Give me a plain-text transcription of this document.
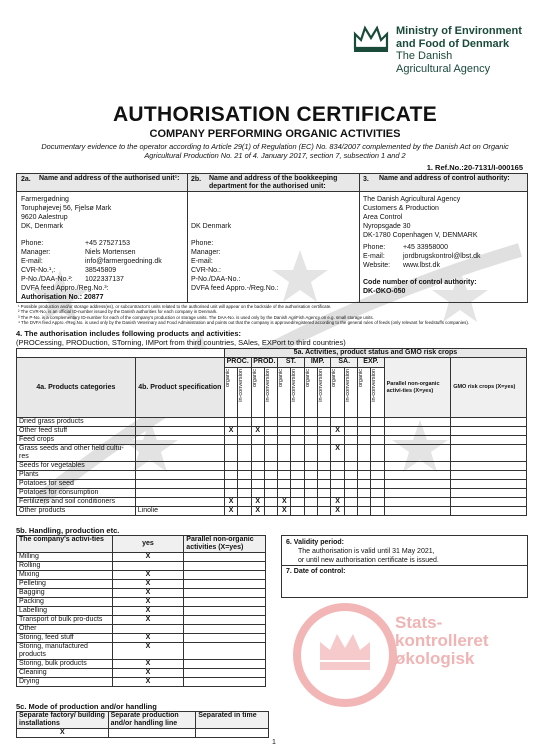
Ministry of Environment
and Food of Denmark
The Danish
Agricultural Agency
AUTHORISATION CERTIFICATE
COMPANY PERFORMING ORGANIC ACTIVITIES
Documentary evidence to the operator according to Article 29(1) of Regulation (EC) No. 834/2007 complemented by the Danish Act on Organic
Agricultural Production No. 21 of 4. January 2017, section 7, subsection 1 and 2
1. Ref.No.:20-7131/I-000165
2a. Name and address of the authorised unit¹:
Farmergødning
Toruphøjevej 56, Fjelsø Mark
9620 Aalestrup
DK, Denmark
Phone:	+45 27527153
Manager:	Niels Mortensen
E-mail:	info@farmergoedning.dk
CVR-No.¹,:	38545809
P-No./DAA-No.²: 1022337137
DVFA feed Appro./Reg.No.³:
Authorisation No.: 20877
2b. Name and address of the bookkeeping department for the authorised unit:
DK Denmark
Phone:
Manager:
E-mail:
CVR-No.:
P-No./DAA-No.:
DVFA feed Appro.-/Reg.No.:
3. Name and address of control authority:
The Danish Agricultural Agency
Customers & Production
Area Control
Nyropsgade 30
DK-1780 Copenhagen V, DENMARK
Phone:	+45 33958000
E-mail:	jordbrugskontrol@lbst.dk
Website: www.lbst.dk
Code number of control authority:
DK-ØKO-050
¹ Possible production and/or storage address(es), or subcontractor's units related to the authorised unit will appear on the backside of the authorisation certificate.
² The CVR-No. is an official ID-number issued by the Danish authorities for each company in Denmark.
³ The P-No. is a complementary ID-number for each of the company's production or storage units. The DAA-No. is used only by the Danish AgriFish Agency on e.g. small storage units.
⁴ The DVFA feed Appro.-/Reg.No. is used only by the Danish Veterinary and Food Administration and points out that the company is approved/registered according to the general rules of feeds (only relevant for feedstuffs companies).
4. The authorisation includes following products and activities:
(PROCessing, PRODuction, STorning, IMPort from third countries, SAles, EXPort to third countries)
		5a. Activities, product status and GMO risk crops													
4a. Products categories	4b. Product specification	PROC.		PROD.		ST.		IMP.		SA.		EXP.		Parallel non-organic activi-ties (X=yes)	GMO risk crops (X=yes)

		organic	in-conversion	organic	in-conversion	organic	in-conversion	organic	in-conversion	organic	in-conversion	organic	in-conversion		

Dried grass products															
Other feed stuff		X		X						X					
Feed crops															
Grass seeds and other field cultu-res										X					
Seeds for vegetables															
Plants															
Potatoes for seed															
Potatoes for consumption															
Fertilizers and soil conditioners		X		X		X				X					
Other products	Linolie	X		X		X				X					
5b. Handling, production etc.
The company's activi-ties	yes	Parallel non-organic activities (X=yes)
Milling	X	
Rolling		
Mixing	X	
Pelleting	X	
Bagging	X	
Packing	X	
Labelling	X	
Transport of bulk pro-ducts	X	
Other		
Storing, feed stuff	X	
Storing, manufactured products	X	
Storing, bulk products	X	
Cleaning	X	
Drying	X	
6. Validity period:
The authorisation is valid until 31 May 2021,
or until new authorisation certificate is issued.
7. Date of control:
Stats-
kontrolleret
økologisk
5c. Mode of production and/or handling
Separate factory/ building installations	Separate production and/or handling line	Separated in time
X		
1
